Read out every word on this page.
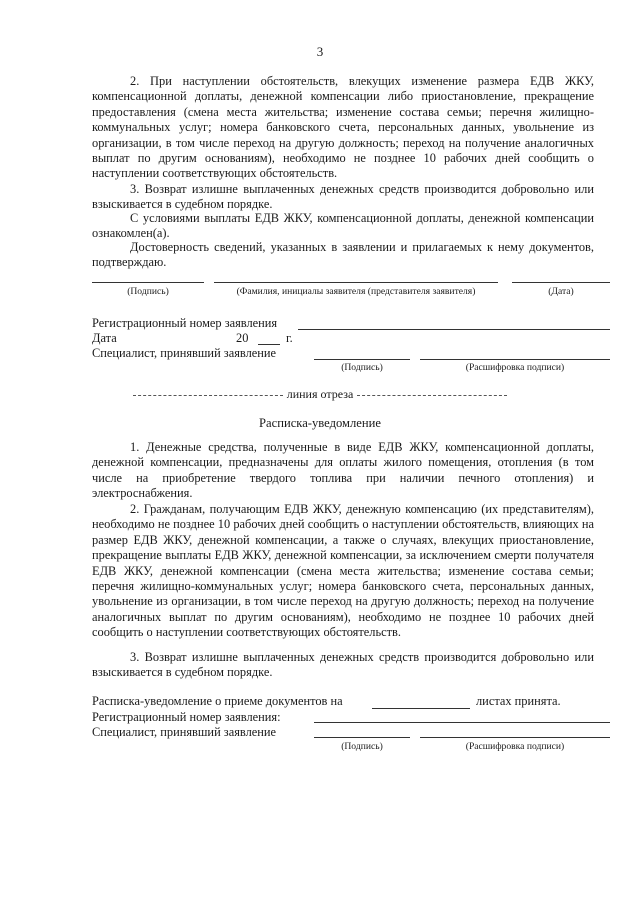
3

2. При наступлении обстоятельств, влекущих изменение размера ЕДВ ЖКУ, компенсационной доплаты, денежной компенсации либо приостановление, прекращение предоставления (смена места жительства; изменение состава семьи; перечня жилищно-коммунальных услуг; номера банковского счета, персональных данных, увольнение из организации, в том числе переход на другую должность; переход на получение аналогичных выплат по другим основаниям), необходимо не позднее 10 рабочих дней сообщить о наступлении соответствующих обстоятельств.

3. Возврат излишне выплаченных денежных средств производится добровольно или взыскивается в судебном порядке.

С условиями выплаты ЕДВ ЖКУ, компенсационной доплаты, денежной компенсации ознакомлен(а).

Достоверность сведений, указанных в заявлении и прилагаемых к нему документов, подтверждаю.

(Подпись)	(Фамилия, инициалы заявителя (представителя заявителя)	(Дата)
Регистрационный номер заявления
Дата	20	г.
Специалист, принявший заявление
(Подпись)	(Расшифровка подписи)
линия отреза
Расписка-уведомление

1. Денежные средства, полученные в виде ЕДВ ЖКУ, компенсационной доплаты, денежной компенсации, предназначены для оплаты жилого помещения, отопления (в том числе на приобретение твердого топлива при наличии печного отопления) и электроснабжения.

2. Гражданам, получающим ЕДВ ЖКУ, денежную компенсацию (их представителям), необходимо не позднее 10 рабочих дней сообщить о наступлении обстоятельств, влияющих на размер ЕДВ ЖКУ, денежной компенсации, а также о случаях, влекущих приостановление, прекращение выплаты ЕДВ ЖКУ, денежной компенсации, за исключением смерти получателя ЕДВ ЖКУ, денежной компенсации (смена места жительства; изменение состава семьи; перечня жилищно-коммунальных услуг; номера банковского счета, персональных данных, увольнение из организации, в том числе переход на другую должность; переход на получение аналогичных выплат по другим основаниям), необходимо не позднее 10 рабочих дней сообщить о наступлении соответствующих обстоятельств.

3. Возврат излишне выплаченных денежных средств производится добровольно или взыскивается в судебном порядке.

Расписка-уведомление о приеме документов на	листах принята.
Регистрационный номер заявления:
Специалист, принявший заявление
(Подпись)	(Расшифровка подписи)
